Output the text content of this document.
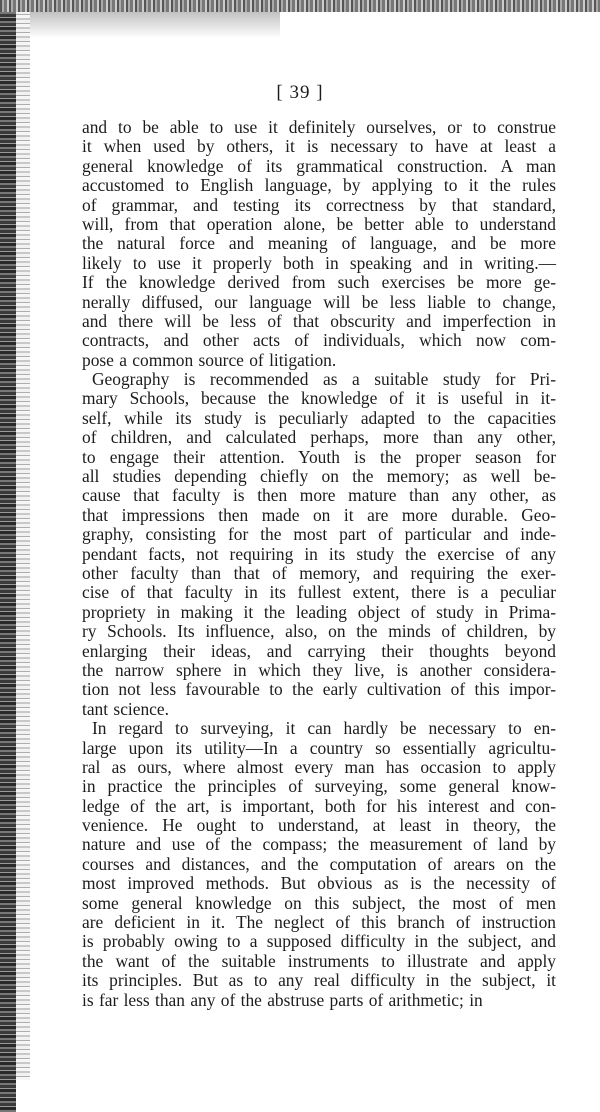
[ 39 ]
and to be able to use it definitely ourselves, or to construe
it when used by others, it is necessary to have at least a
general knowledge of its grammatical construction. A man
accustomed to English language, by applying to it the rules
of grammar, and testing its correctness by that standard,
will, from that operation alone, be better able to understand
the natural force and meaning of language, and be more
likely to use it properly both in speaking and in writing.—
If the knowledge derived from such exercises be more ge-
nerally diffused, our language will be less liable to change,
and there will be less of that obscurity and imperfection in
contracts, and other acts of individuals, which now com-
pose a common source of litigation.
Geography is recommended as a suitable study for Pri-
mary Schools, because the knowledge of it is useful in it-
self, while its study is peculiarly adapted to the capacities
of children, and calculated perhaps, more than any other,
to engage their attention. Youth is the proper season for
all studies depending chiefly on the memory; as well be-
cause that faculty is then more mature than any other, as
that impressions then made on it are more durable. Geo-
graphy, consisting for the most part of particular and inde-
pendant facts, not requiring in its study the exercise of any
other faculty than that of memory, and requiring the exer-
cise of that faculty in its fullest extent, there is a peculiar
propriety in making it the leading object of study in Prima-
ry Schools. Its influence, also, on the minds of children, by
enlarging their ideas, and carrying their thoughts beyond
the narrow sphere in which they live, is another considera-
tion not less favourable to the early cultivation of this impor-
tant science.
In regard to surveying, it can hardly be necessary to en-
large upon its utility—In a country so essentially agricultu-
ral as ours, where almost every man has occasion to apply
in practice the principles of surveying, some general know-
ledge of the art, is important, both for his interest and con-
venience. He ought to understand, at least in theory, the
nature and use of the compass; the measurement of land by
courses and distances, and the computation of arears on the
most improved methods. But obvious as is the necessity of
some general knowledge on this subject, the most of men
are deficient in it. The neglect of this branch of instruction
is probably owing to a supposed difficulty in the subject, and
the want of the suitable instruments to illustrate and apply
its principles. But as to any real difficulty in the subject, it
is far less than any of the abstruse parts of arithmetic; in
